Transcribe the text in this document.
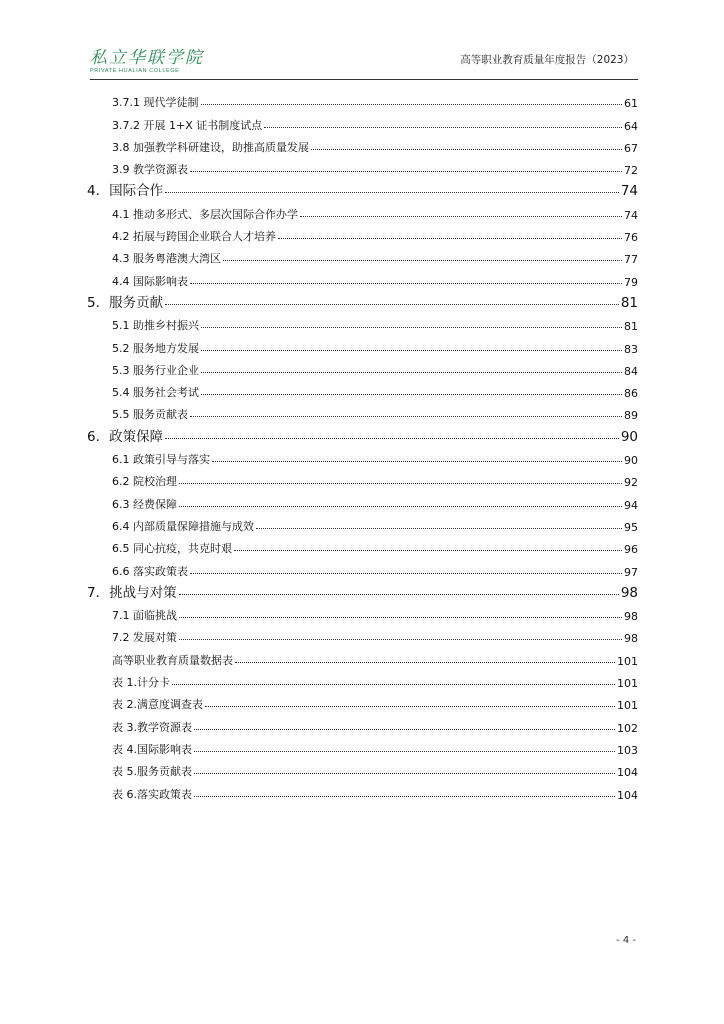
私立华联学院
PRIVATE HUALIAN COLLEGE
高等职业教育质量年度报告（2023）
3.7.1 现代学徒制	61
3.7.2 开展 1+X 证书制度试点	64
3.8 加强教学科研建设，助推高质量发展	67
3.9 教学资源表	72
4．国际合作	74
4.1 推动多形式、多层次国际合作办学	74
4.2 拓展与跨国企业联合人才培养	76
4.3 服务粤港澳大湾区	77
4.4 国际影响表	79
5．服务贡献	81
5.1 助推乡村振兴	81
5.2 服务地方发展	83
5.3 服务行业企业	84
5.4 服务社会考试	86
5.5 服务贡献表	89
6．政策保障	90
6.1 政策引导与落实	90
6.2 院校治理	92
6.3 经费保障	94
6.4 内部质量保障措施与成效	95
6.5 同心抗疫，共克时艰	96
6.6 落实政策表	97
7．挑战与对策	98
7.1 面临挑战	98
7.2 发展对策	98
高等职业教育质量数据表	101
表 1.计分卡	101
表 2.满意度调查表	101
表 3.教学资源表	102
表 4.国际影响表	103
表 5.服务贡献表	104
表 6.落实政策表	104
- 4 -
